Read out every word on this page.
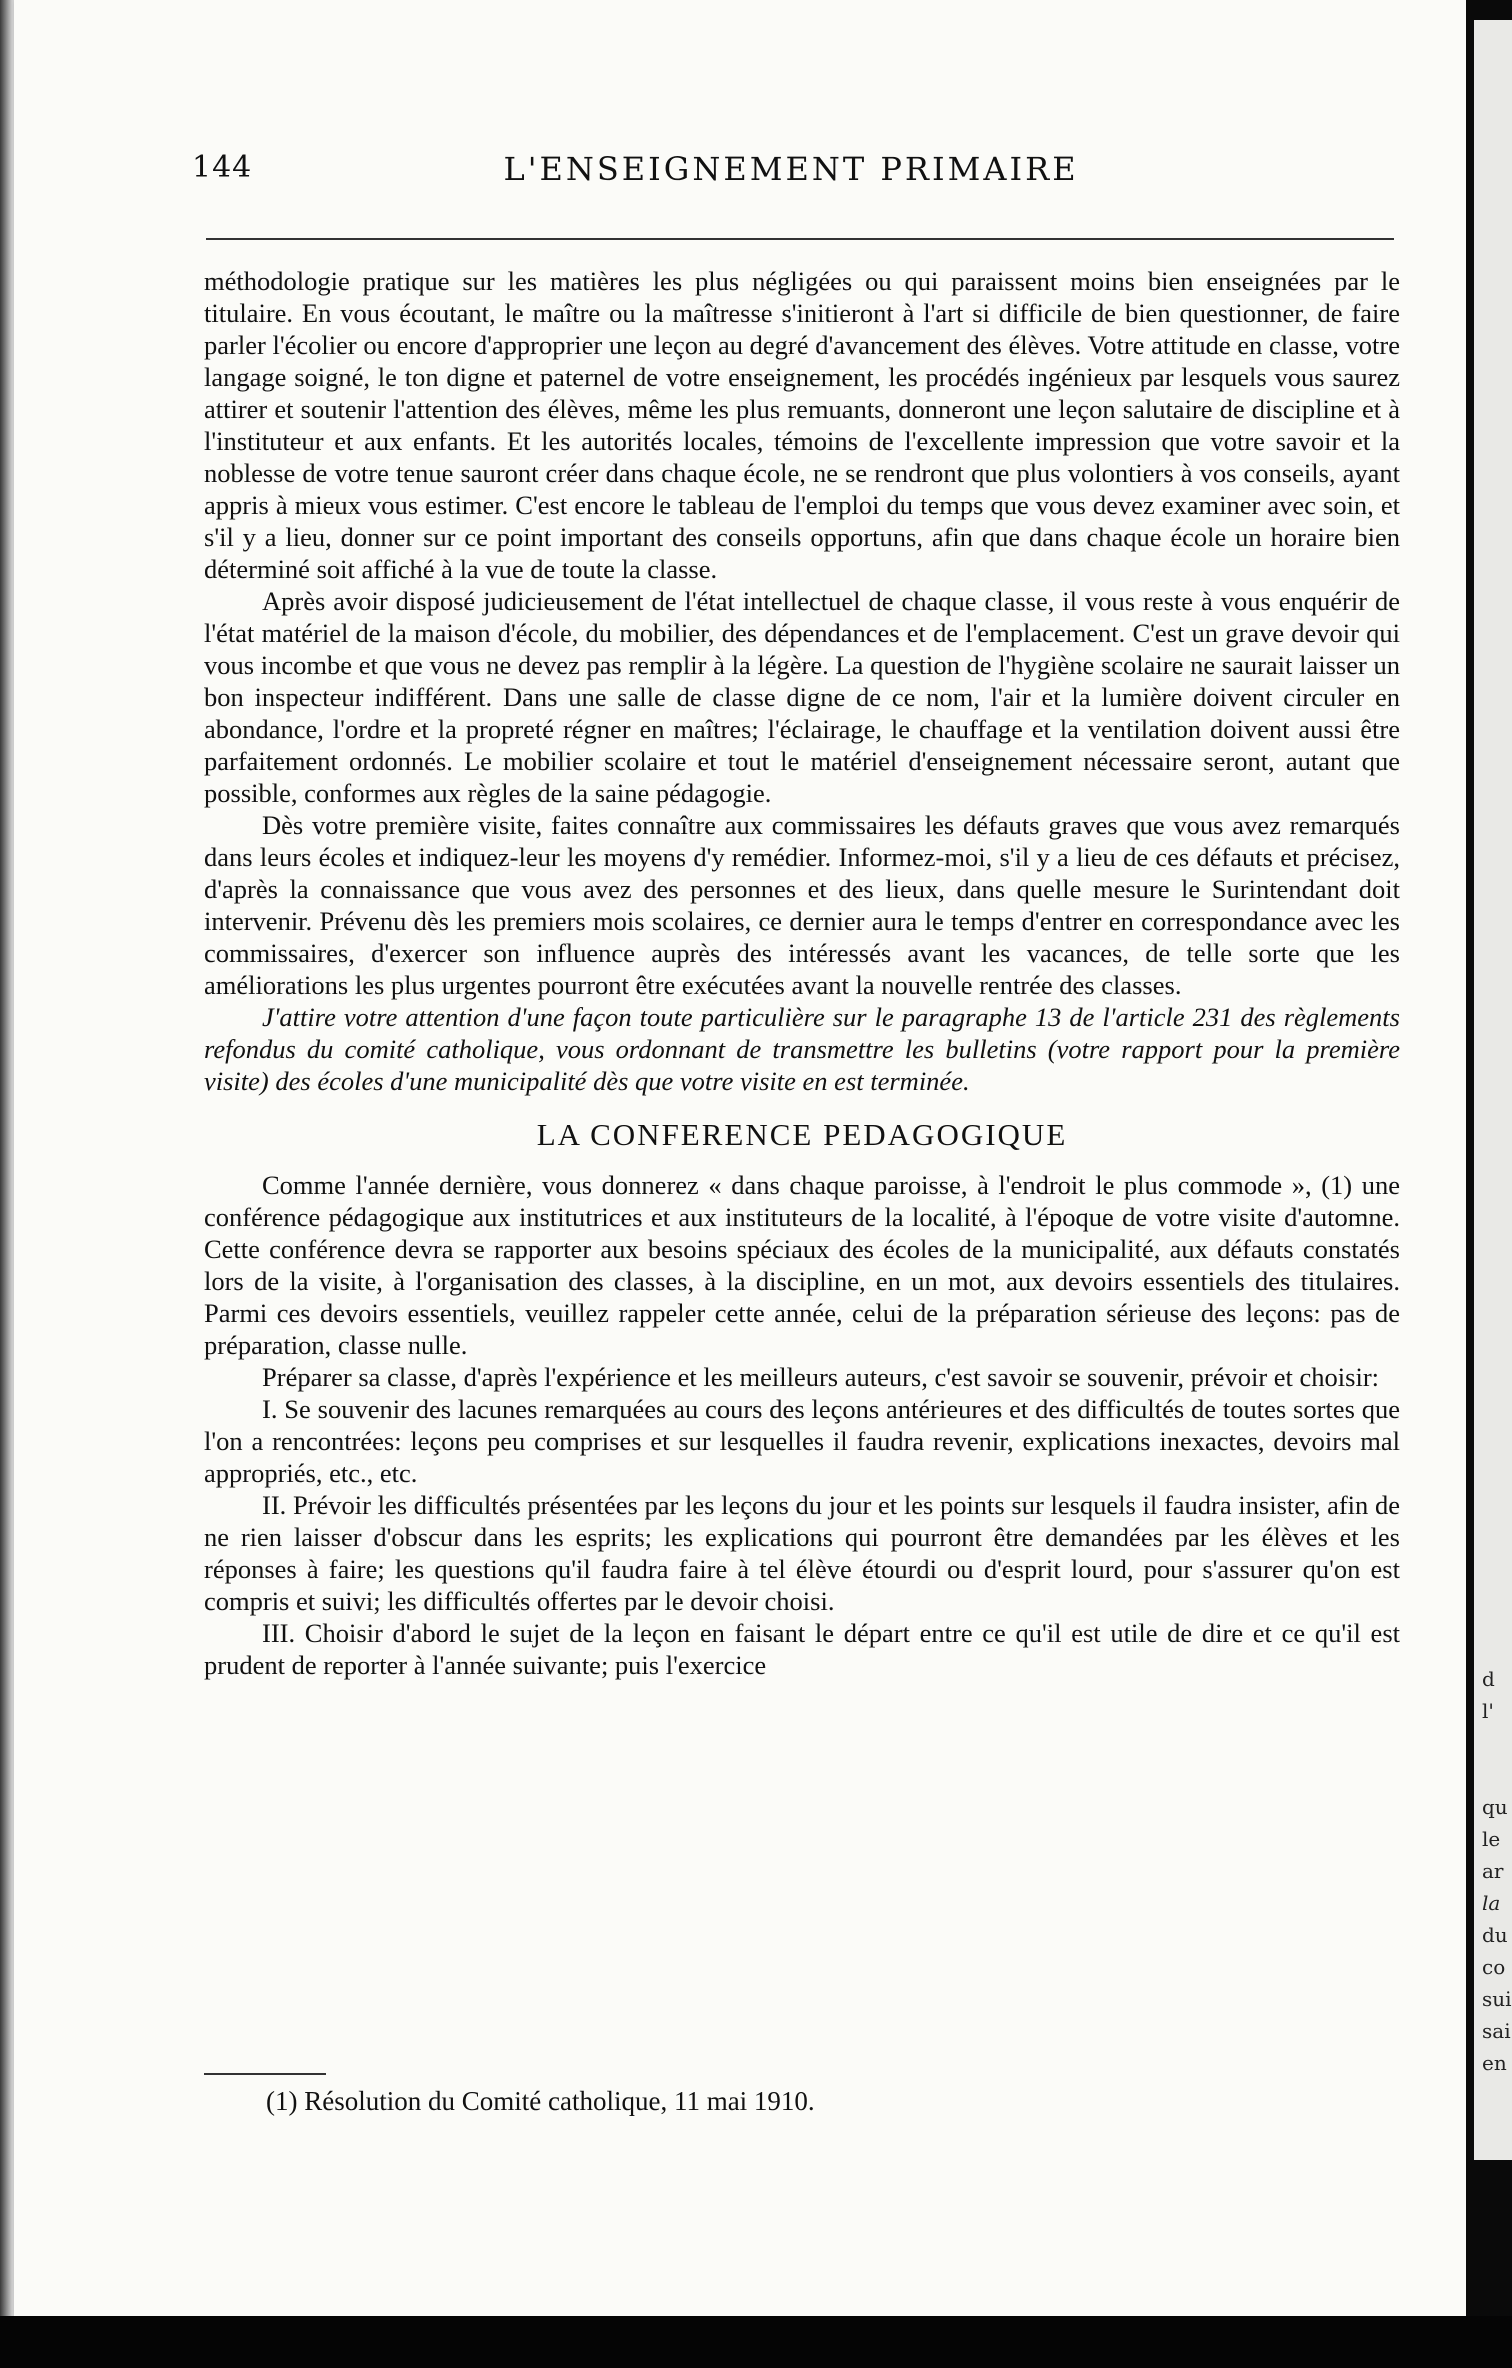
d
l'
qu
le
ar
la
du
co
sui
sai
en
144	L'ENSEIGNEMENT PRIMAIRE

méthodologie pratique sur les matières les plus négligées ou qui paraissent moins bien enseignées par le titulaire. En vous écoutant, le maître ou la maîtresse s'initieront à l'art si difficile de bien questionner, de faire parler l'écolier ou encore d'approprier une leçon au degré d'avancement des élèves. Votre attitude en classe, votre langage soigné, le ton digne et paternel de votre enseignement, les procédés ingénieux par lesquels vous saurez attirer et soutenir l'attention des élèves, même les plus remuants, donneront une leçon salutaire de discipline et à l'instituteur et aux enfants. Et les autorités locales, témoins de l'excellente impression que votre savoir et la noblesse de votre tenue sauront créer dans chaque école, ne se rendront que plus volontiers à vos conseils, ayant appris à mieux vous estimer. C'est encore le tableau de l'emploi du temps que vous devez examiner avec soin, et s'il y a lieu, donner sur ce point important des conseils opportuns, afin que dans chaque école un horaire bien déterminé soit affiché à la vue de toute la classe.

Après avoir disposé judicieusement de l'état intellectuel de chaque classe, il vous reste à vous enquérir de l'état matériel de la maison d'école, du mobilier, des dépendances et de l'emplacement. C'est un grave devoir qui vous incombe et que vous ne devez pas remplir à la légère. La question de l'hygiène scolaire ne saurait laisser un bon inspecteur indifférent. Dans une salle de classe digne de ce nom, l'air et la lumière doivent circuler en abondance, l'ordre et la propreté régner en maîtres; l'éclairage, le chauffage et la ventilation doivent aussi être parfaitement ordonnés. Le mobilier scolaire et tout le matériel d'enseignement nécessaire seront, autant que possible, conformes aux règles de la saine pédagogie.

Dès votre première visite, faites connaître aux commissaires les défauts graves que vous avez remarqués dans leurs écoles et indiquez-leur les moyens d'y remédier. Informez-moi, s'il y a lieu de ces défauts et précisez, d'après la connaissance que vous avez des personnes et des lieux, dans quelle mesure le Surintendant doit intervenir. Prévenu dès les premiers mois scolaires, ce dernier aura le temps d'entrer en correspondance avec les commissaires, d'exercer son influence auprès des intéressés avant les vacances, de telle sorte que les améliorations les plus urgentes pourront être exécutées avant la nouvelle rentrée des classes.

J'attire votre attention d'une façon toute particulière sur le paragraphe 13 de l'article 231 des règlements refondus du comité catholique, vous ordonnant de transmettre les bulletins (votre rapport pour la première visite) des écoles d'une municipalité dès que votre visite en est terminée.

LA CONFERENCE PEDAGOGIQUE

Comme l'année dernière, vous donnerez « dans chaque paroisse, à l'endroit le plus commode », (1) une conférence pédagogique aux institutrices et aux instituteurs de la localité, à l'époque de votre visite d'automne. Cette conférence devra se rapporter aux besoins spéciaux des écoles de la municipalité, aux défauts constatés lors de la visite, à l'organisation des classes, à la discipline, en un mot, aux devoirs essentiels des titulaires. Parmi ces devoirs essentiels, veuillez rappeler cette année, celui de la préparation sérieuse des leçons: pas de préparation, classe nulle.

Préparer sa classe, d'après l'expérience et les meilleurs auteurs, c'est savoir se souvenir, prévoir et choisir:

I. Se souvenir des lacunes remarquées au cours des leçons antérieures et des difficultés de toutes sortes que l'on a rencontrées: leçons peu comprises et sur lesquelles il faudra revenir, explications inexactes, devoirs mal appropriés, etc., etc.

II. Prévoir les difficultés présentées par les leçons du jour et les points sur lesquels il faudra insister, afin de ne rien laisser d'obscur dans les esprits; les explications qui pourront être demandées par les élèves et les réponses à faire; les questions qu'il faudra faire à tel élève étourdi ou d'esprit lourd, pour s'assurer qu'on est compris et suivi; les difficultés offertes par le devoir choisi.

III. Choisir d'abord le sujet de la leçon en faisant le départ entre ce qu'il est utile de dire et ce qu'il est prudent de reporter à l'année suivante; puis l'exercice

(1) Résolution du Comité catholique, 11 mai 1910.
